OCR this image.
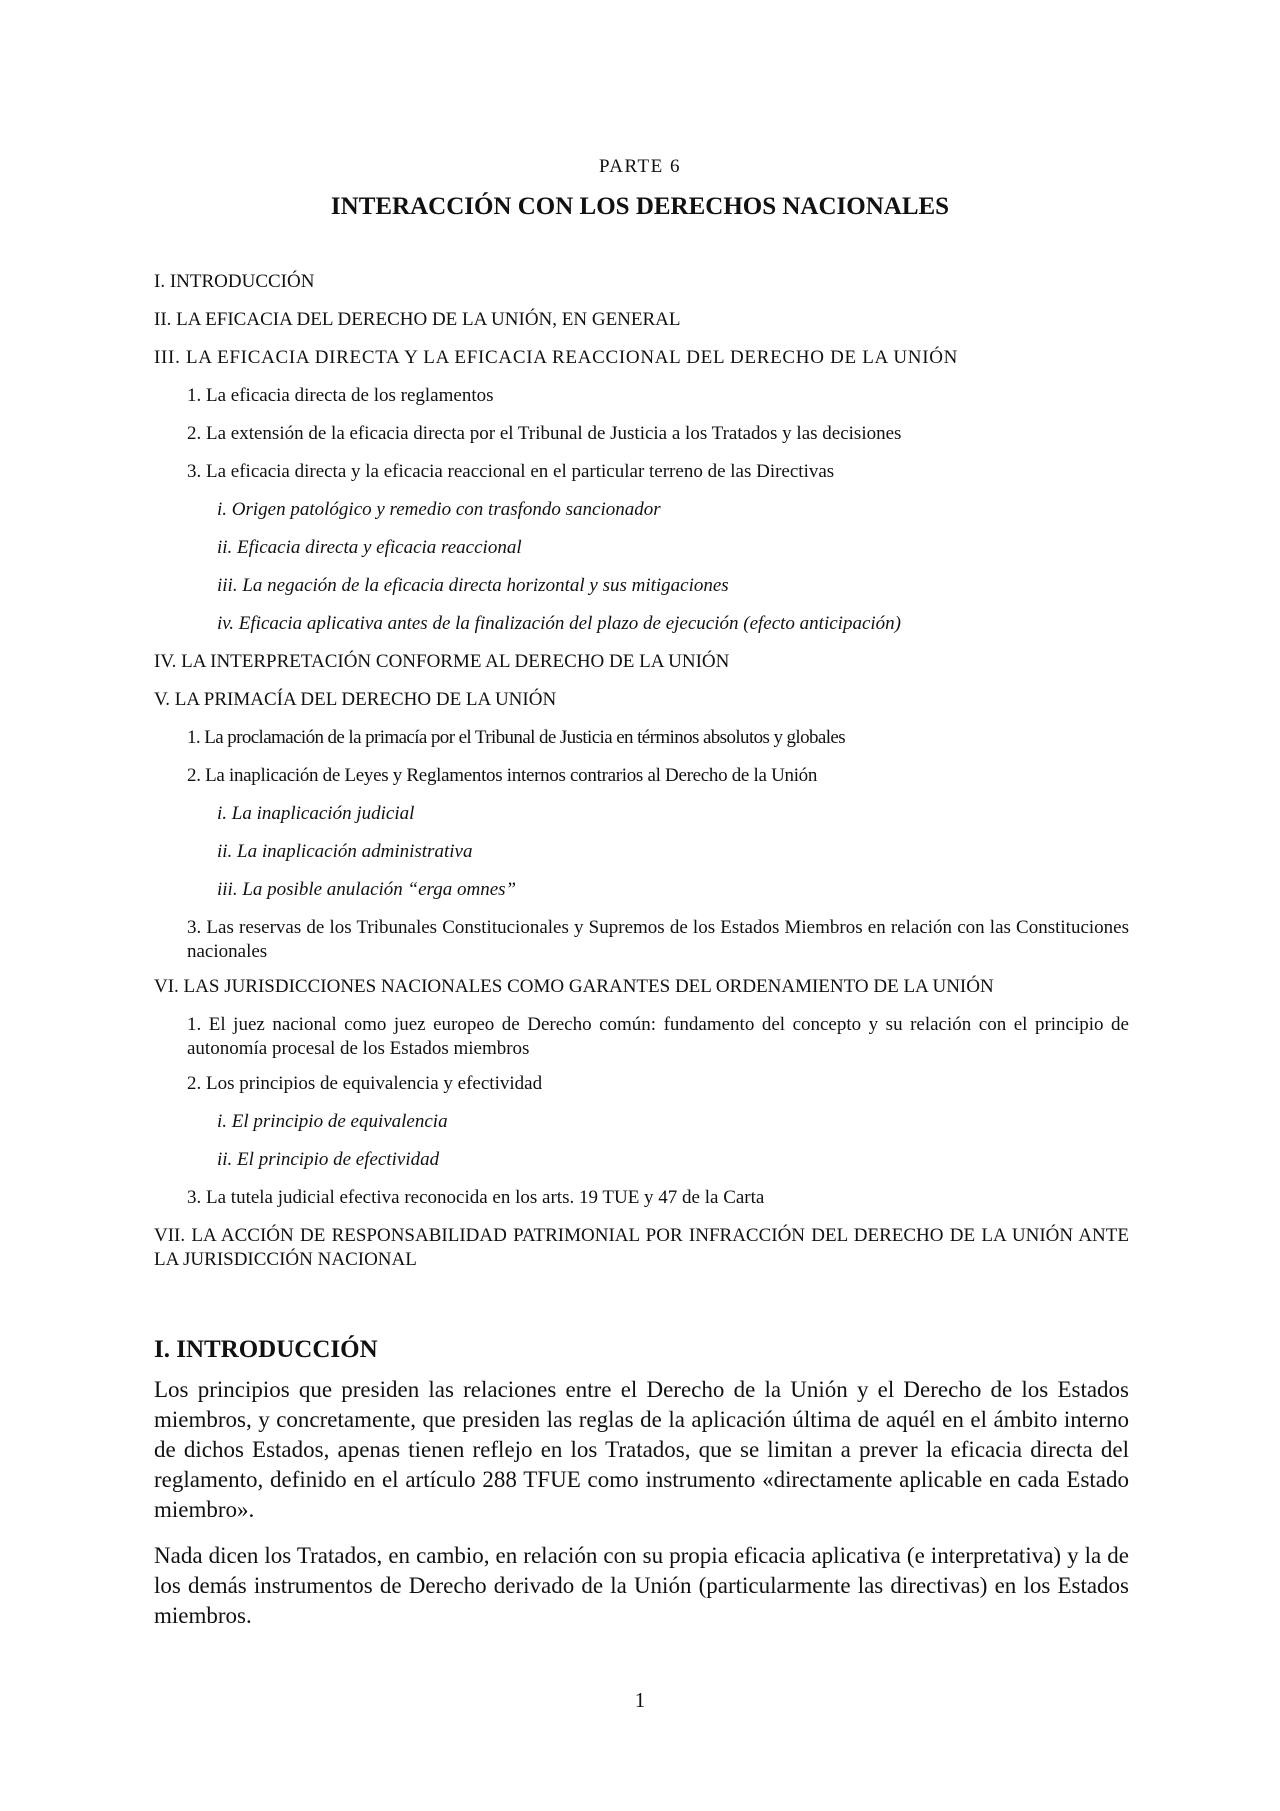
PARTE 6
INTERACCIÓN CON LOS DERECHOS NACIONALES
I. INTRODUCCIÓN
II. LA EFICACIA DEL DERECHO DE LA UNIÓN, EN GENERAL
III. LA EFICACIA DIRECTA Y LA EFICACIA REACCIONAL DEL DERECHO DE LA UNIÓN
1. La eficacia directa de los reglamentos
2. La extensión de la eficacia directa por el Tribunal de Justicia a los Tratados y las decisiones
3. La eficacia directa y la eficacia reaccional en el particular terreno de las Directivas
i. Origen patológico y remedio con trasfondo sancionador
ii. Eficacia directa y eficacia reaccional
iii. La negación de la eficacia directa horizontal y sus mitigaciones
iv. Eficacia aplicativa antes de la finalización del plazo de ejecución (efecto anticipación)
IV. LA INTERPRETACIÓN CONFORME AL DERECHO DE LA UNIÓN
V. LA PRIMACÍA DEL DERECHO DE LA UNIÓN
1. La proclamación de la primacía por el Tribunal de Justicia en términos absolutos y globales
2. La inaplicación de Leyes y Reglamentos internos contrarios al Derecho de la Unión
i. La inaplicación judicial
ii. La inaplicación administrativa
iii. La posible anulación “erga omnes”
3. Las reservas de los Tribunales Constitucionales y Supremos de los Estados Miembros en relación con las Constituciones nacionales
VI. LAS JURISDICCIONES NACIONALES COMO GARANTES DEL ORDENAMIENTO DE LA UNIÓN
1. El juez nacional como juez europeo de Derecho común: fundamento del concepto y su relación con el principio de autonomía procesal de los Estados miembros
2. Los principios de equivalencia y efectividad
i. El principio de equivalencia
ii. El principio de efectividad
3. La tutela judicial efectiva reconocida en los arts. 19 TUE y 47 de la Carta
VII. LA ACCIÓN DE RESPONSABILIDAD PATRIMONIAL POR INFRACCIÓN DEL DERECHO DE LA UNIÓN ANTE LA JURISDICCIÓN NACIONAL
I. INTRODUCCIÓN

Los principios que presiden las relaciones entre el Derecho de la Unión y el Derecho de los Estados miembros, y concretamente, que presiden las reglas de la aplicación última de aquél en el ámbito interno de dichos Estados, apenas tienen reflejo en los Tratados, que se limitan a prever la eficacia directa del reglamento, definido en el artículo 288 TFUE como instrumento «directamente aplicable en cada Estado miembro».

Nada dicen los Tratados, en cambio, en relación con su propia eficacia aplicativa (e interpretativa) y la de los demás instrumentos de Derecho derivado de la Unión (particularmente las directivas) en los Estados miembros.

1
